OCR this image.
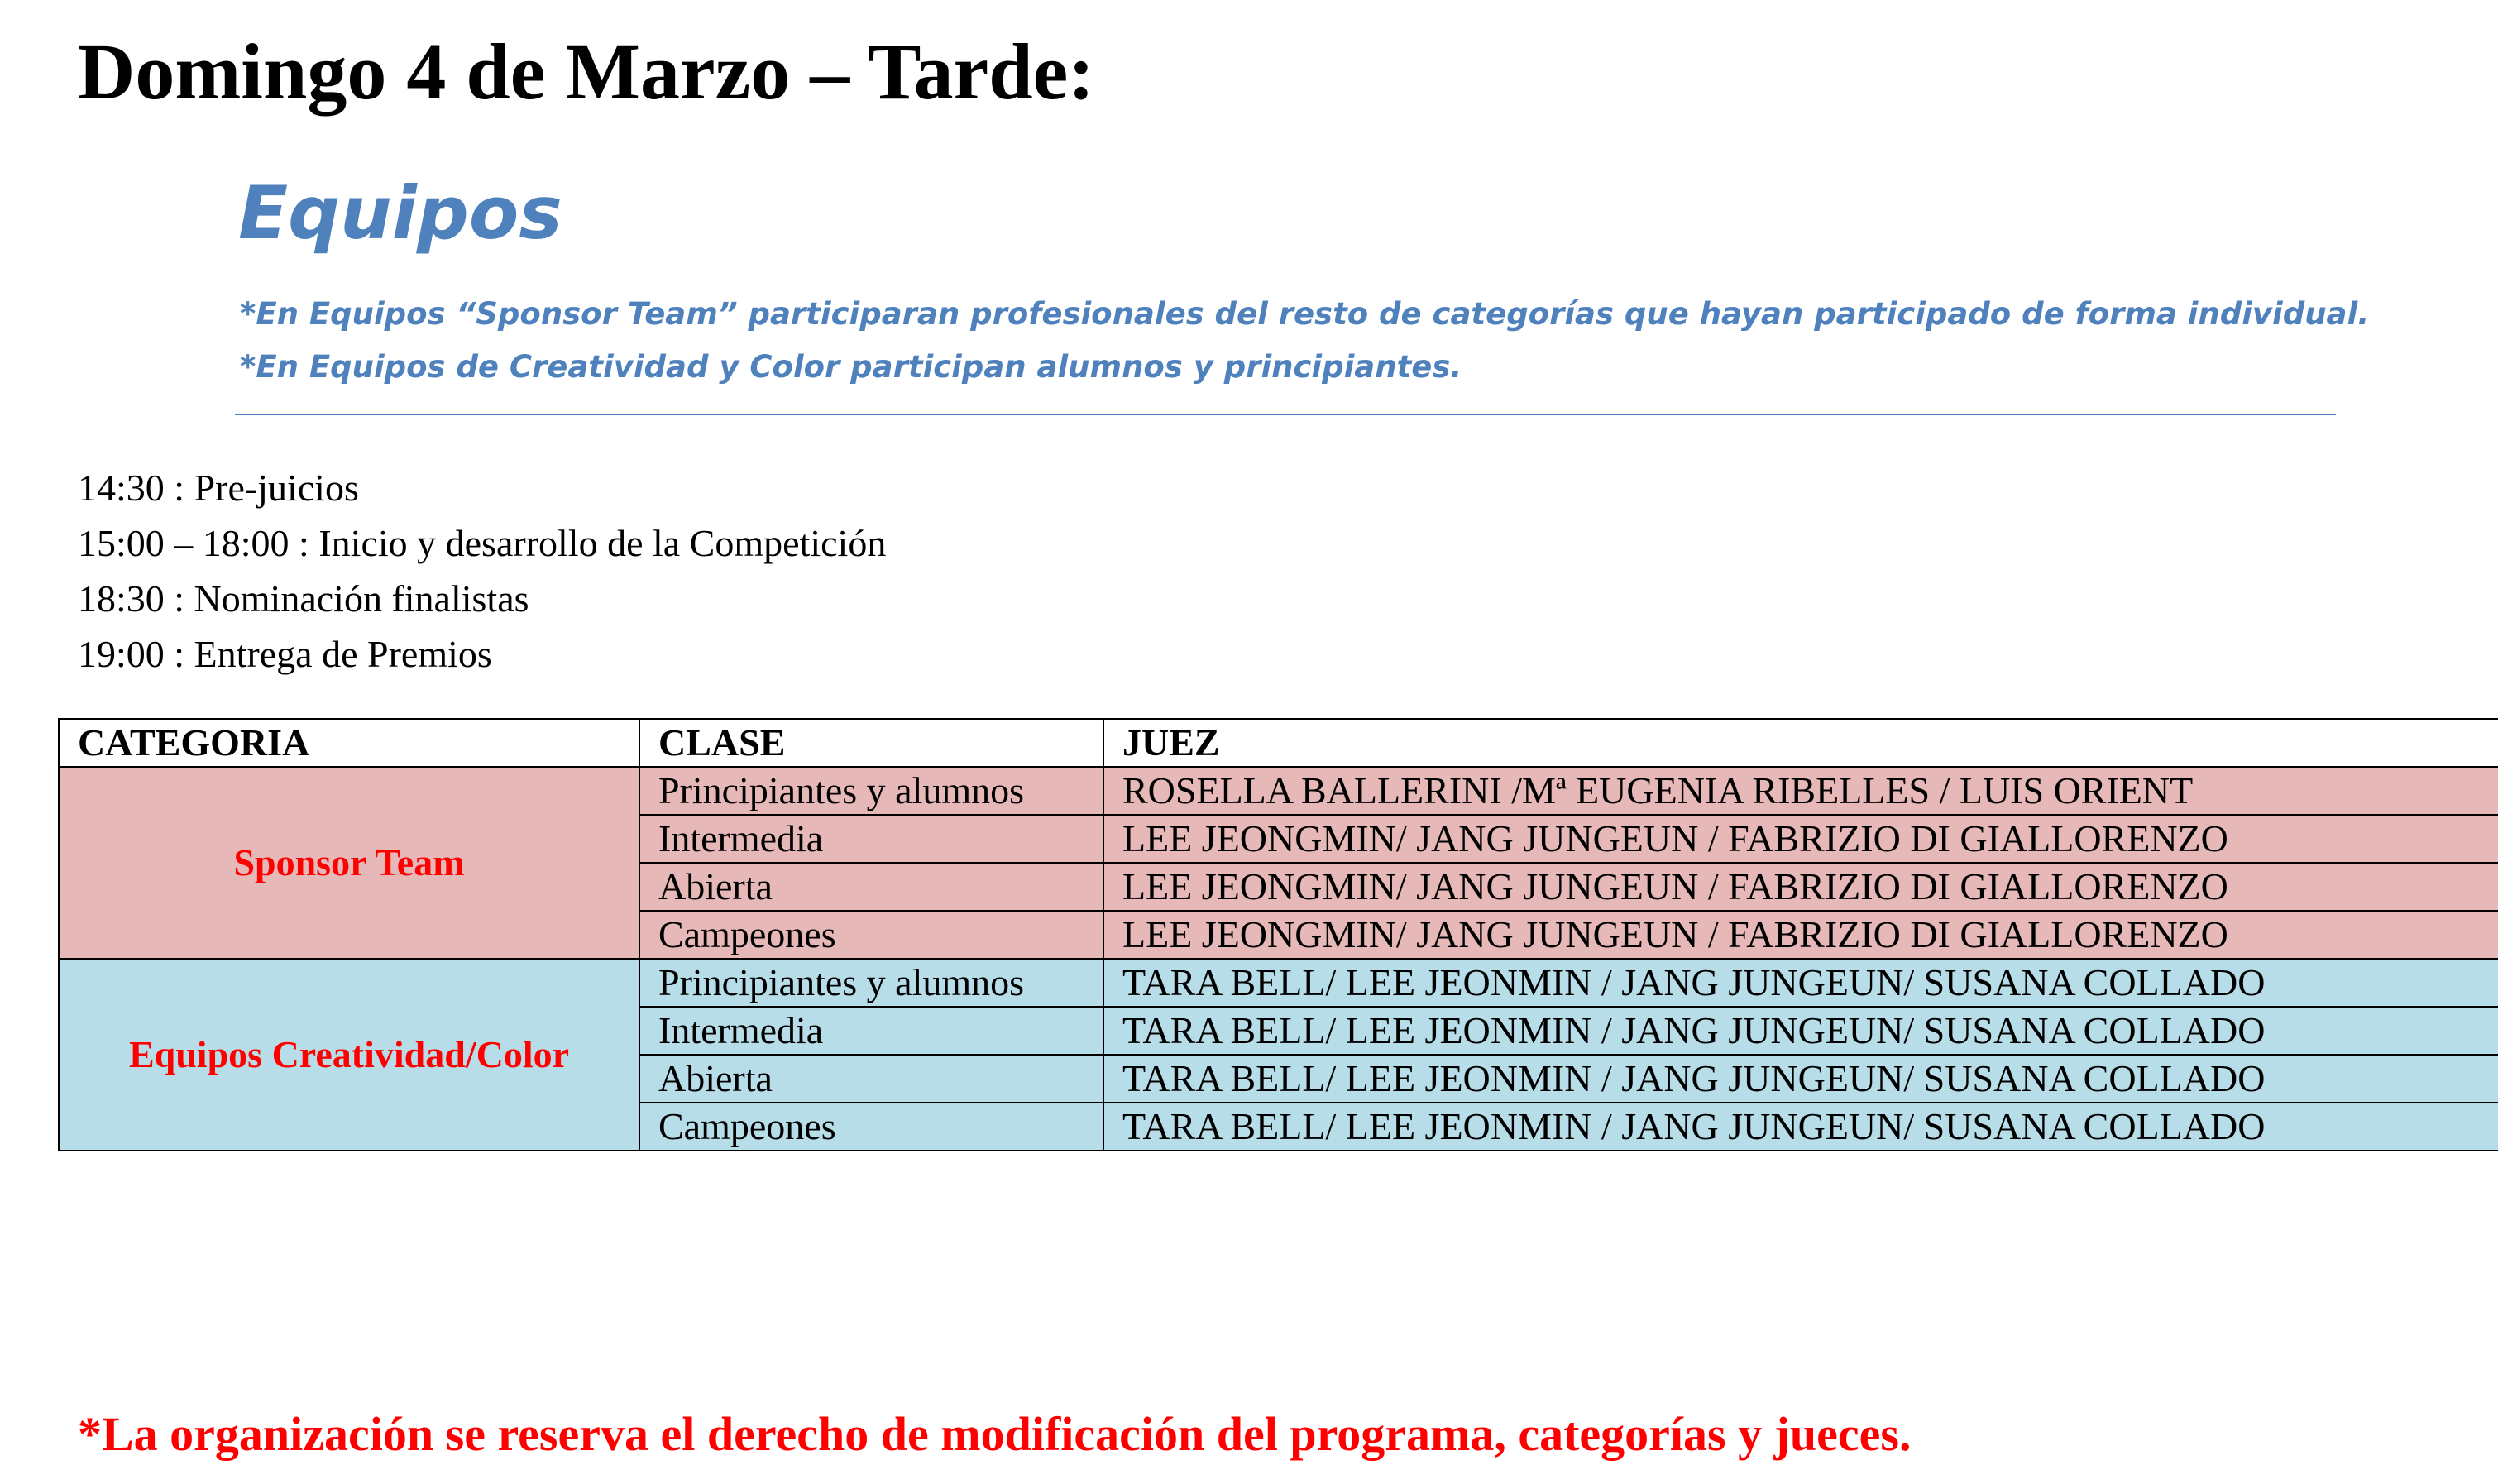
Domingo 4 de Marzo – Tarde:
Equipos

*En Equipos “Sponsor Team” participaran profesionales del resto de categorías que hayan participado de forma individual.

*En Equipos de Creatividad y Color participan alumnos y principiantes.

14:30 : Pre-juicios
15:00 – 18:00 : Inicio y desarrollo de la Competición
18:30 : Nominación finalistas
19:00 : Entrega de Premios
CATEGORIA	CLASE	JUEZ
Sponsor Team	Principiantes y alumnos	ROSELLA BALLERINI /Mª EUGENIA RIBELLES / LUIS ORIENT
	Intermedia	LEE JEONGMIN/ JANG JUNGEUN / FABRIZIO DI GIALLORENZO
	Abierta	LEE JEONGMIN/ JANG JUNGEUN / FABRIZIO DI GIALLORENZO
	Campeones	LEE JEONGMIN/ JANG JUNGEUN / FABRIZIO DI GIALLORENZO
Equipos Creatividad/Color	Principiantes y alumnos	TARA BELL/ LEE JEONMIN / JANG JUNGEUN/ SUSANA COLLADO
	Intermedia	TARA BELL/ LEE JEONMIN / JANG JUNGEUN/ SUSANA COLLADO
	Abierta	TARA BELL/ LEE JEONMIN / JANG JUNGEUN/ SUSANA COLLADO
	Campeones	TARA BELL/ LEE JEONMIN / JANG JUNGEUN/ SUSANA COLLADO

*La organización se reserva el derecho de modificación del programa, categorías y jueces.
